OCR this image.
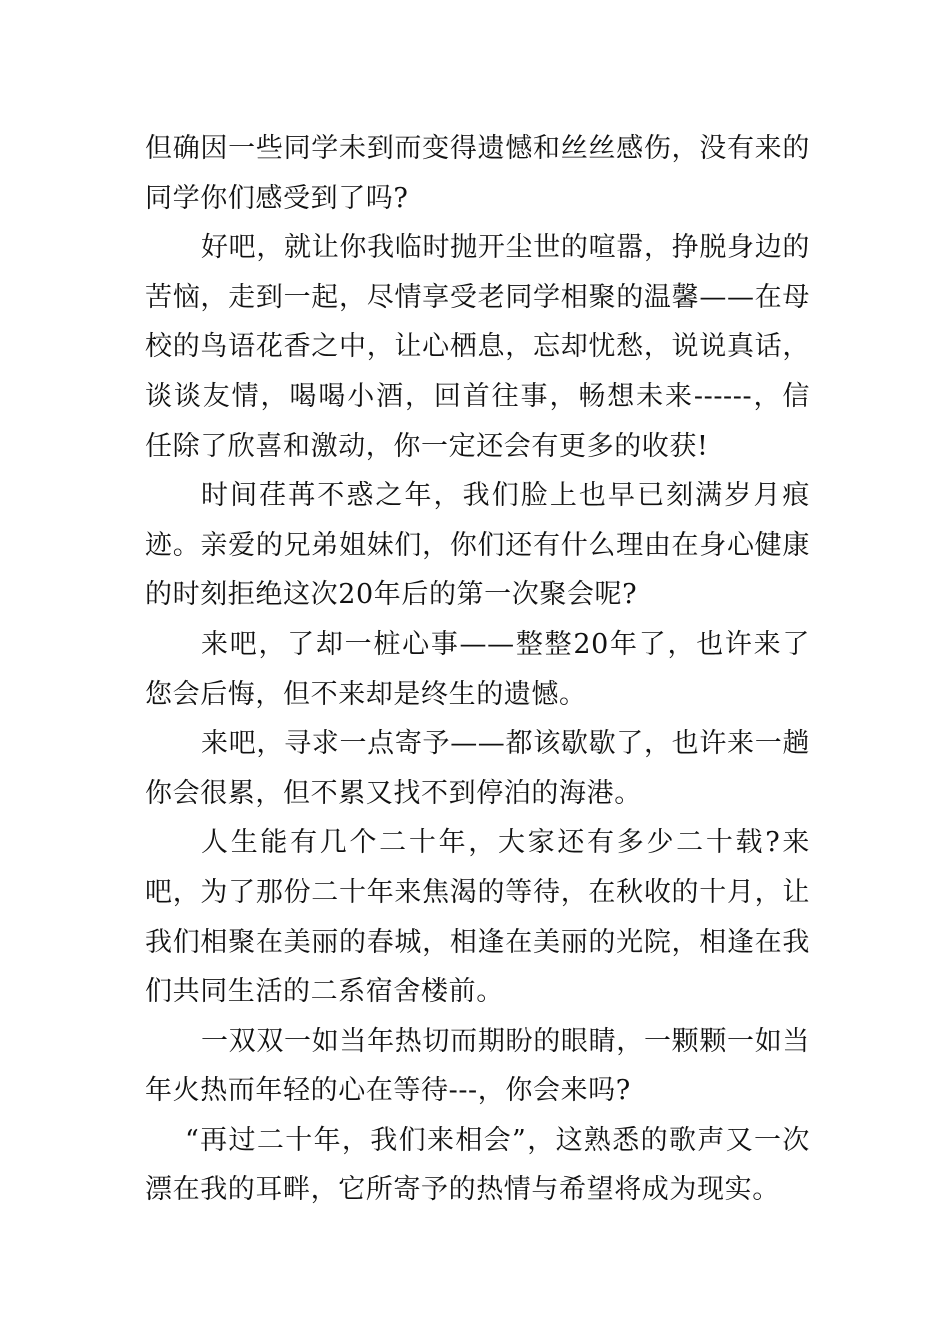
但确因一些同学未到而变得遗憾和丝丝感伤，没有来的同学你们感受到了吗?

好吧，就让你我临时抛开尘世的喧嚣，挣脱身边的苦恼，走到一起，尽情享受老同学相聚的温馨——在母校的鸟语花香之中，让心栖息，忘却忧愁，说说真话，谈谈友情，喝喝小酒，回首往事，畅想未来------，信任除了欣喜和激动，你一定还会有更多的收获!

时间荏苒不惑之年，我们脸上也早已刻满岁月痕迹。亲爱的兄弟姐妹们，你们还有什么理由在身心健康的时刻拒绝这次20年后的第一次聚会呢?

来吧，了却一桩心事——整整20年了，也许来了您会后悔，但不来却是终生的遗憾。

来吧，寻求一点寄予——都该歇歇了，也许来一趟你会很累，但不累又找不到停泊的海港。

人生能有几个二十年，大家还有多少二十载?来吧，为了那份二十年来焦渴的等待，在秋收的十月，让我们相聚在美丽的春城，相逢在美丽的光院，相逢在我们共同生活的二系宿舍楼前。

一双双一如当年热切而期盼的眼睛，一颗颗一如当年火热而年轻的心在等待---，你会来吗?

“再过二十年，我们来相会”，这熟悉的歌声又一次漂在我的耳畔，它所寄予的热情与希望将成为现实。
